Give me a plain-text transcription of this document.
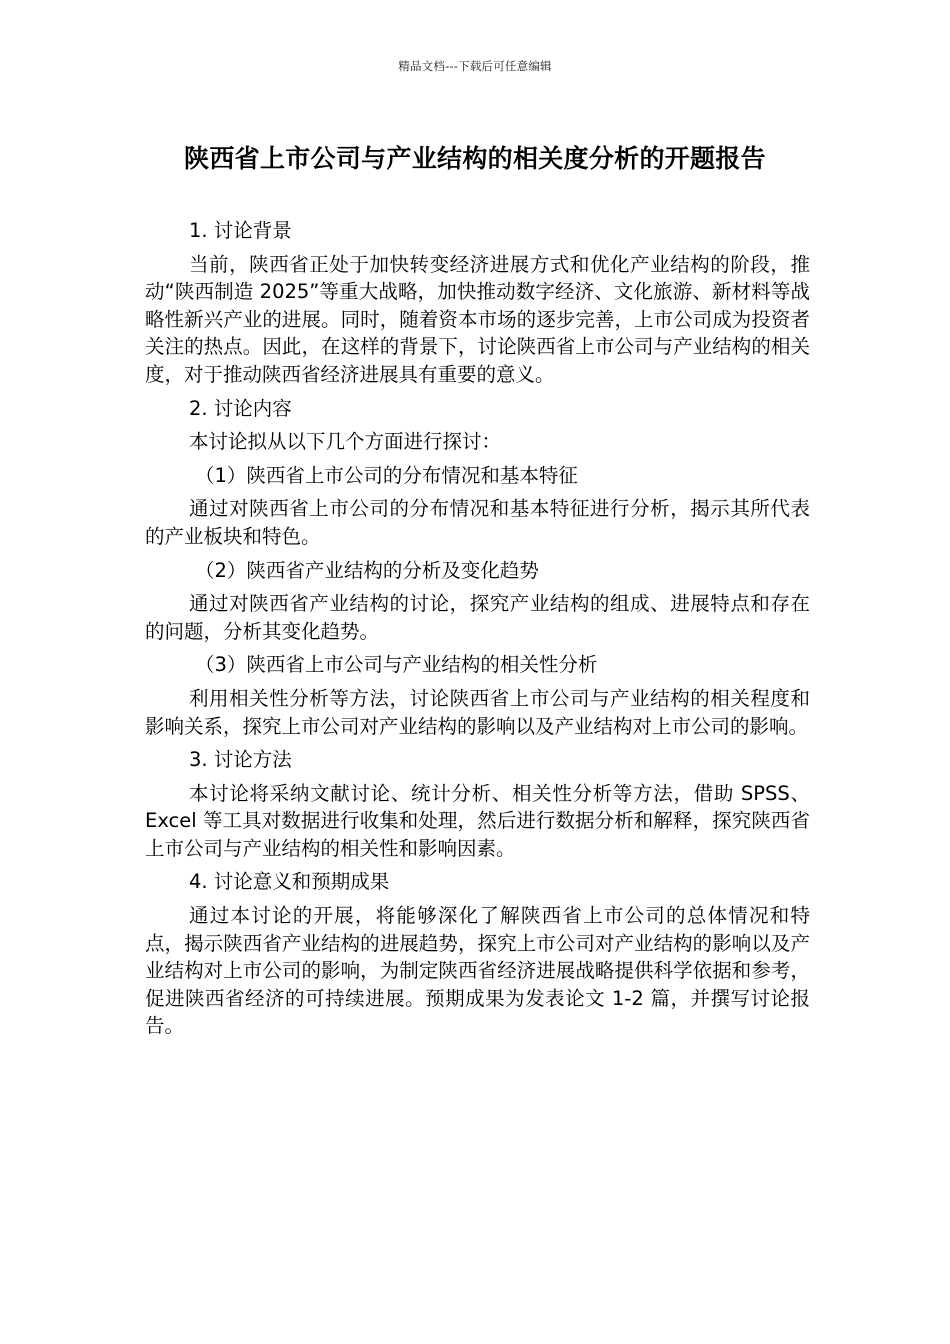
精品文档---下载后可任意编辑
陕西省上市公司与产业结构的相关度分析的开题报告

1. 讨论背景

当前，陕西省正处于加快转变经济进展方式和优化产业结构的阶段，推动“陕西制造 2025”等重大战略，加快推动数字经济、文化旅游、新材料等战略性新兴产业的进展。同时，随着资本市场的逐步完善，上市公司成为投资者关注的热点。因此，在这样的背景下，讨论陕西省上市公司与产业结构的相关度，对于推动陕西省经济进展具有重要的意义。

2. 讨论内容

本讨论拟从以下几个方面进行探讨：

（1）陕西省上市公司的分布情况和基本特征

通过对陕西省上市公司的分布情况和基本特征进行分析，揭示其所代表的产业板块和特色。

（2）陕西省产业结构的分析及变化趋势

通过对陕西省产业结构的讨论，探究产业结构的组成、进展特点和存在的问题，分析其变化趋势。

（3）陕西省上市公司与产业结构的相关性分析

利用相关性分析等方法，讨论陕西省上市公司与产业结构的相关程度和影响关系，探究上市公司对产业结构的影响以及产业结构对上市公司的影响。

3. 讨论方法

本讨论将采纳文献讨论、统计分析、相关性分析等方法，借助 SPSS、Excel 等工具对数据进行收集和处理，然后进行数据分析和解释，探究陕西省上市公司与产业结构的相关性和影响因素。

4. 讨论意义和预期成果

通过本讨论的开展，将能够深化了解陕西省上市公司的总体情况和特点，揭示陕西省产业结构的进展趋势，探究上市公司对产业结构的影响以及产业结构对上市公司的影响，为制定陕西省经济进展战略提供科学依据和参考，促进陕西省经济的可持续进展。预期成果为发表论文 1-2 篇，并撰写讨论报告。
